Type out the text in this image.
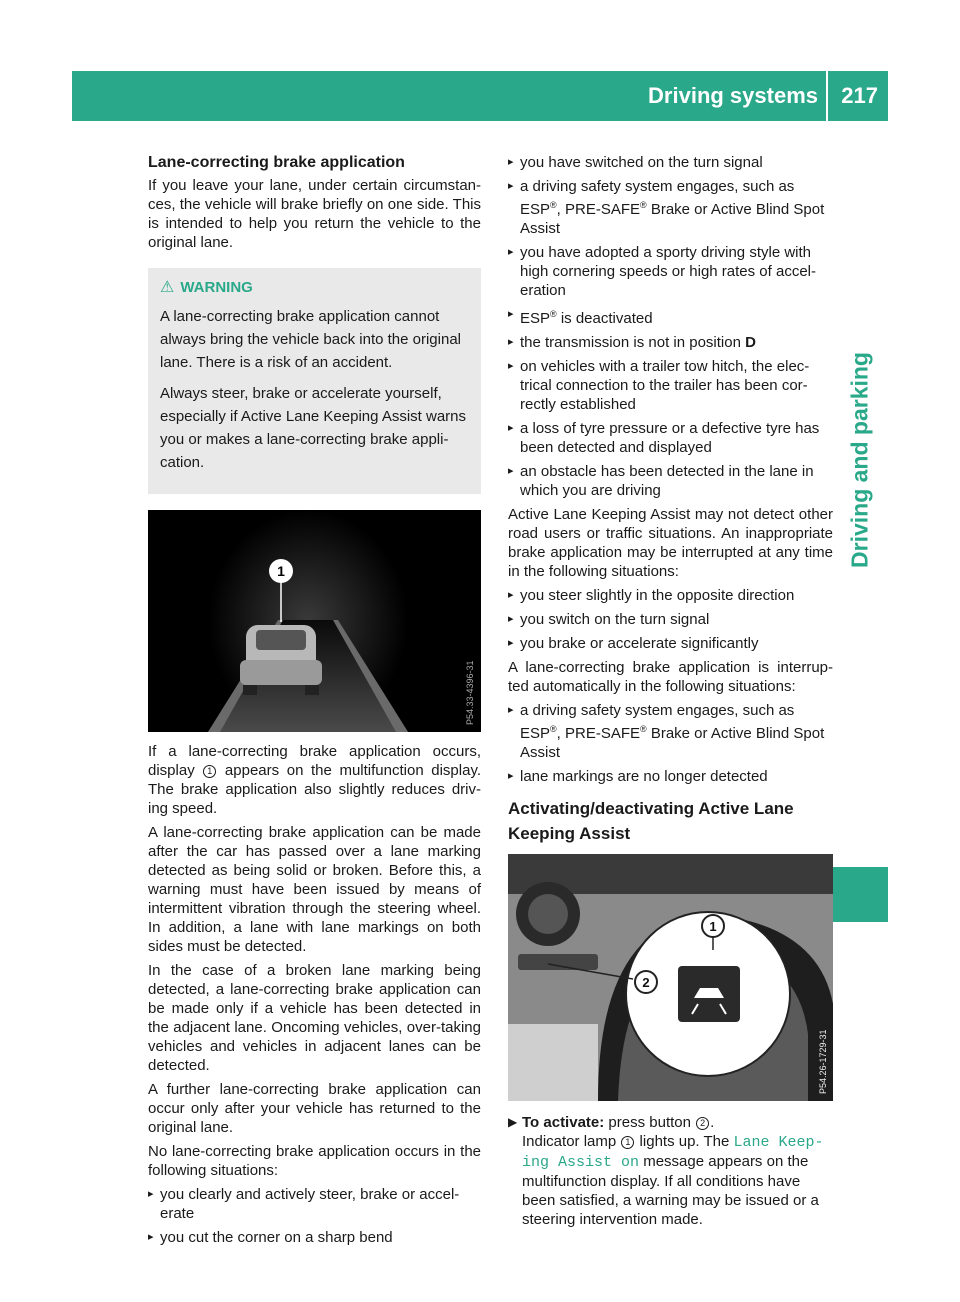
Driving systems 217
Driving and parking
Lane-correcting brake application

If you leave your lane, under certain circumstan-ces, the vehicle will brake briefly on one side. This is intended to help you return the vehicle to the original lane.

⚠ WARNING

A lane-correcting brake application cannot always bring the vehicle back into the original lane. There is a risk of an accident.

Always steer, brake or accelerate yourself, especially if Active Lane Keeping Assist warns you or makes a lane-correcting brake appli-cation.

1
P54.33-4396-31

If a lane-correcting brake application occurs, display 1 appears on the multifunction display. The brake application also slightly reduces driv-ing speed.

A lane-correcting brake application can be made after the car has passed over a lane marking detected as being solid or broken. Before this, a warning must have been issued by means of intermittent vibration through the steering wheel. In addition, a lane with lane markings on both sides must be detected.

In the case of a broken lane marking being detected, a lane-correcting brake application can be made only if a vehicle has been detected in the adjacent lane. Oncoming vehicles, over-taking vehicles and vehicles in adjacent lanes can be detected.

A further lane-correcting brake application can occur only after your vehicle has returned to the original lane.

No lane-correcting brake application occurs in the following situations:

▸ you clearly and actively steer, brake or accel-erate
▸ you cut the corner on a sharp bend
▸ you have switched on the turn signal
▸ a driving safety system engages, such as ESP®, PRE-SAFE® Brake or Active Blind Spot Assist
▸ you have adopted a sporty driving style with high cornering speeds or high rates of accel-eration
▸ ESP® is deactivated
▸ the transmission is not in position D
▸ on vehicles with a trailer tow hitch, the elec-trical connection to the trailer has been cor-rectly established
▸ a loss of tyre pressure or a defective tyre has been detected and displayed
▸ an obstacle has been detected in the lane in which you are driving

Active Lane Keeping Assist may not detect other road users or traffic situations. An inappropriate brake application may be interrupted at any time in the following situations:

▸ you steer slightly in the opposite direction
▸ you switch on the turn signal
▸ you brake or accelerate significantly

A lane-correcting brake application is interrup-ted automatically in the following situations:

▸ a driving safety system engages, such as ESP®, PRE-SAFE® Brake or Active Blind Spot Assist
▸ lane markings are no longer detected
Activating/deactivating Active Lane Keeping Assist
1
2
P54.26-1729-31
▶ To activate: press button 2 .
Indicator lamp 1 lights up. The Lane Keep-ing Assist on message appears on the multifunction display. If all conditions have been satisfied, a warning may be issued or a steering intervention made.
